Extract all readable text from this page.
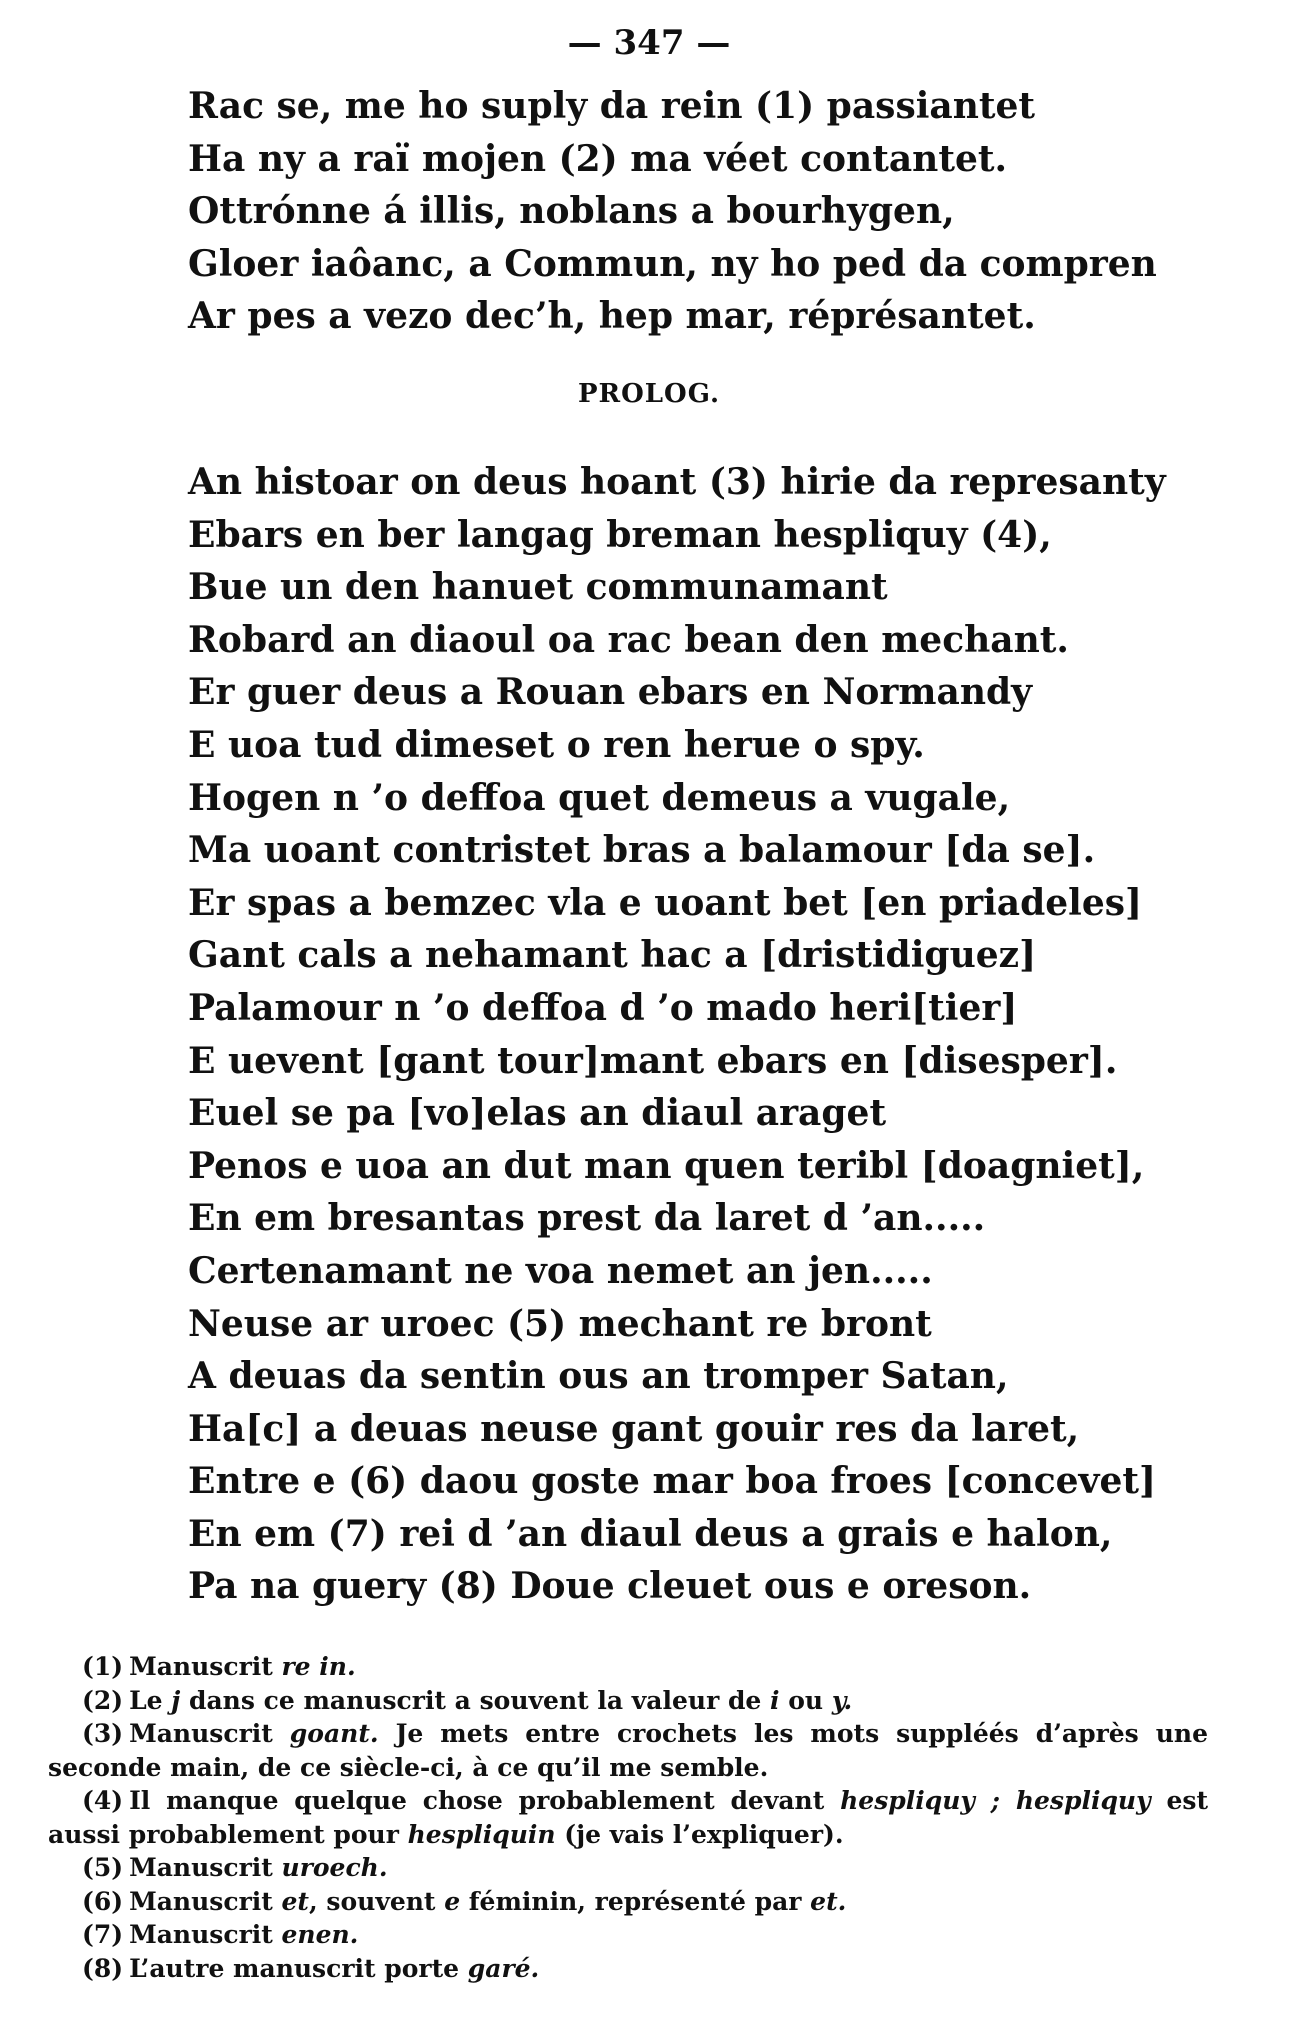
— 347 —
Rac se, me ho suply da rein (1) passiantet
Ha ny a raï mojen (2) ma véet contantet.
Ottrónne á illis, noblans a bourhygen,
Gloer iaôanc, a Commun, ny ho ped da compren
Ar pes a vezo dec’h, hep mar, réprésantet.
PROLOG.
An histoar on deus hoant (3) hirie da represanty
Ebars en ber langag breman hespliquy (4),
Bue un den hanuet communamant
Robard an diaoul oa rac bean den mechant.
Er guer deus a Rouan ebars en Normandy
E uoa tud dimeset o ren herue o spy.
Hogen n ’o deffoa quet demeus a vugale,
Ma uoant contristet bras a balamour [da se].
Er spas a bemzec vla e uoant bet [en priadeles]
Gant cals a nehamant hac a [dristidiguez]
Palamour n ’o deffoa d ’o mado heri[tier]
E uevent [gant tour]mant ebars en [disesper].
Euel se pa [vo]elas an diaul araget
Penos e uoa an dut man quen teribl [doagniet],
En em bresantas prest da laret d ’an.....
Certenamant ne voa nemet an jen.....
Neuse ar uroec (5) mechant re bront
A deuas da sentin ous an tromper Satan,
Ha[c] a deuas neuse gant gouir res da laret,
Entre e (6) daou goste mar boa froes [concevet]
En em (7) rei d ’an diaul deus a grais e halon,
Pa na guery (8) Doue cleuet ous e oreson.
(1) Manuscrit re in.
(2) Le j dans ce manuscrit a souvent la valeur de i ou y.
(3) Manuscrit goant. Je mets entre crochets les mots suppléés d’après une seconde main, de ce siècle-ci, à ce qu’il me semble.
(4) Il manque quelque chose probablement devant hespliquy ; hespliquy est aussi probablement pour hespliquin (je vais l’expliquer).
(5) Manuscrit uroech.
(6) Manuscrit et, souvent e féminin, représenté par et.
(7) Manuscrit enen.
(8) L’autre manuscrit porte garé.
